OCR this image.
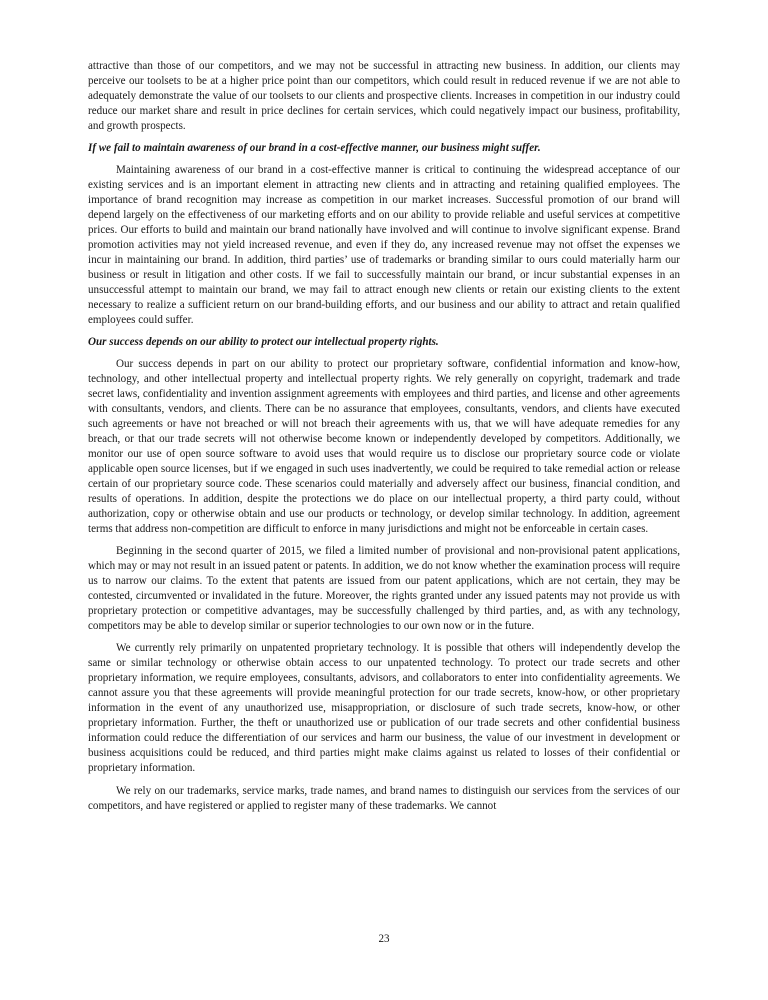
attractive than those of our competitors, and we may not be successful in attracting new business. In addition, our clients may perceive our toolsets to be at a higher price point than our competitors, which could result in reduced revenue if we are not able to adequately demonstrate the value of our toolsets to our clients and prospective clients. Increases in competition in our industry could reduce our market share and result in price declines for certain services, which could negatively impact our business, profitability, and growth prospects.

If we fail to maintain awareness of our brand in a cost-effective manner, our business might suffer.

Maintaining awareness of our brand in a cost-effective manner is critical to continuing the widespread acceptance of our existing services and is an important element in attracting new clients and in attracting and retaining qualified employees. The importance of brand recognition may increase as competition in our market increases. Successful promotion of our brand will depend largely on the effectiveness of our marketing efforts and on our ability to provide reliable and useful services at competitive prices. Our efforts to build and maintain our brand nationally have involved and will continue to involve significant expense. Brand promotion activities may not yield increased revenue, and even if they do, any increased revenue may not offset the expenses we incur in maintaining our brand. In addition, third parties’ use of trademarks or branding similar to ours could materially harm our business or result in litigation and other costs. If we fail to successfully maintain our brand, or incur substantial expenses in an unsuccessful attempt to maintain our brand, we may fail to attract enough new clients or retain our existing clients to the extent necessary to realize a sufficient return on our brand-building efforts, and our business and our ability to attract and retain qualified employees could suffer.

Our success depends on our ability to protect our intellectual property rights.

Our success depends in part on our ability to protect our proprietary software, confidential information and know-how, technology, and other intellectual property and intellectual property rights. We rely generally on copyright, trademark and trade secret laws, confidentiality and invention assignment agreements with employees and third parties, and license and other agreements with consultants, vendors, and clients. There can be no assurance that employees, consultants, vendors, and clients have executed such agreements or have not breached or will not breach their agreements with us, that we will have adequate remedies for any breach, or that our trade secrets will not otherwise become known or independently developed by competitors. Additionally, we monitor our use of open source software to avoid uses that would require us to disclose our proprietary source code or violate applicable open source licenses, but if we engaged in such uses inadvertently, we could be required to take remedial action or release certain of our proprietary source code. These scenarios could materially and adversely affect our business, financial condition, and results of operations. In addition, despite the protections we do place on our intellectual property, a third party could, without authorization, copy or otherwise obtain and use our products or technology, or develop similar technology. In addition, agreement terms that address non-competition are difficult to enforce in many jurisdictions and might not be enforceable in certain cases.

Beginning in the second quarter of 2015, we filed a limited number of provisional and non-provisional patent applications, which may or may not result in an issued patent or patents. In addition, we do not know whether the examination process will require us to narrow our claims. To the extent that patents are issued from our patent applications, which are not certain, they may be contested, circumvented or invalidated in the future. Moreover, the rights granted under any issued patents may not provide us with proprietary protection or competitive advantages, may be successfully challenged by third parties, and, as with any technology, competitors may be able to develop similar or superior technologies to our own now or in the future.

We currently rely primarily on unpatented proprietary technology. It is possible that others will independently develop the same or similar technology or otherwise obtain access to our unpatented technology. To protect our trade secrets and other proprietary information, we require employees, consultants, advisors, and collaborators to enter into confidentiality agreements. We cannot assure you that these agreements will provide meaningful protection for our trade secrets, know-how, or other proprietary information in the event of any unauthorized use, misappropriation, or disclosure of such trade secrets, know-how, or other proprietary information. Further, the theft or unauthorized use or publication of our trade secrets and other confidential business information could reduce the differentiation of our services and harm our business, the value of our investment in development or business acquisitions could be reduced, and third parties might make claims against us related to losses of their confidential or proprietary information.

We rely on our trademarks, service marks, trade names, and brand names to distinguish our services from the services of our competitors, and have registered or applied to register many of these trademarks. We cannot

23
